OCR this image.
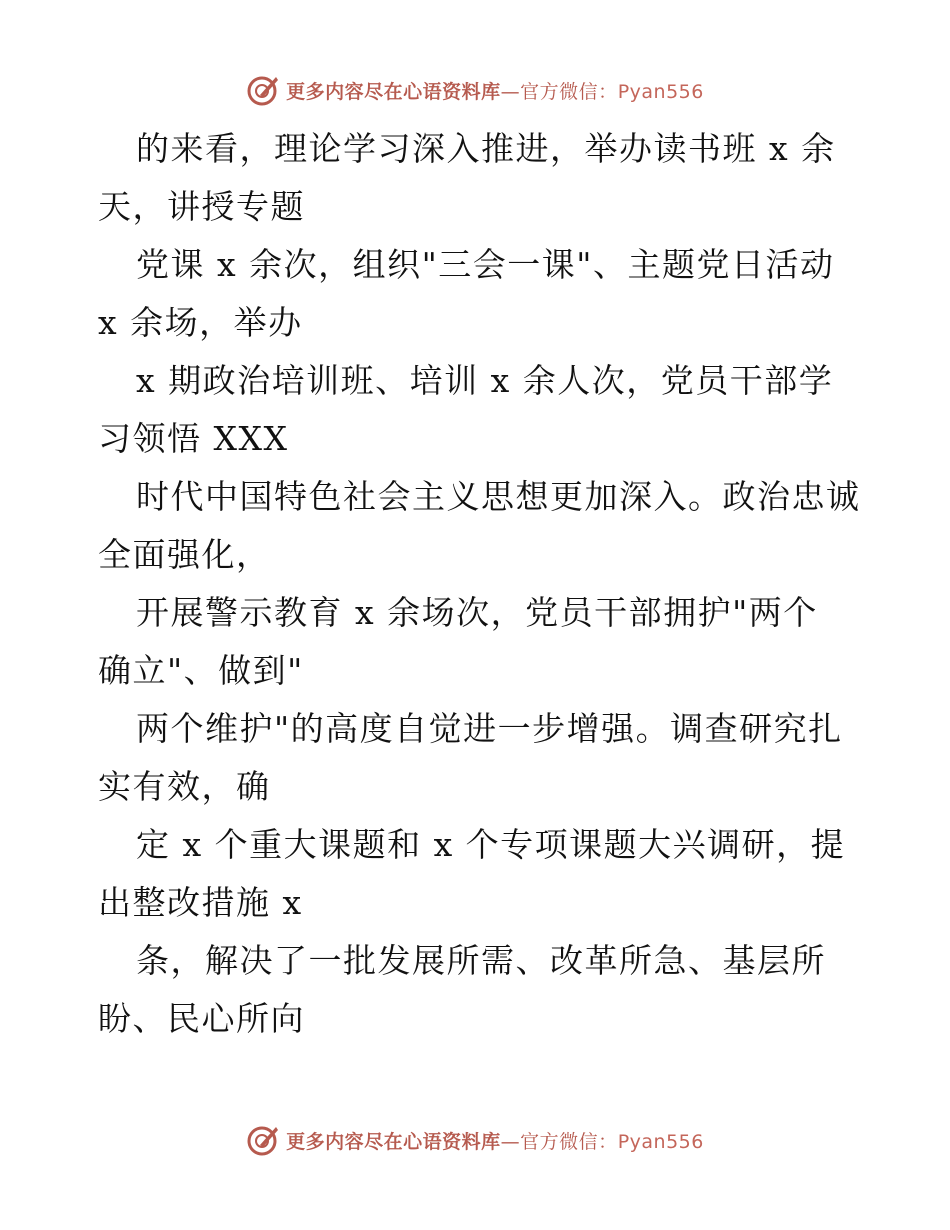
更多内容尽在心语资料库—官方微信：Pyan556
的来看，理论学习深入推进，举办读书班 x 余
天，讲授专题
党课 x 余次，组织"三会一课"、主题党日活动
x 余场，举办
x 期政治培训班、培训 x 余人次，党员干部学
习领悟 XXX
时代中国特色社会主义思想更加深入。政治忠诚
全面强化，
开展警示教育 x 余场次，党员干部拥护"两个
确立"、做到"
两个维护"的高度自觉进一步增强。调查研究扎
实有效，确
定 x 个重大课题和 x 个专项课题大兴调研，提
出整改措施 x
条，解决了一批发展所需、改革所急、基层所
盼、民心所向
更多内容尽在心语资料库—官方微信：Pyan556
